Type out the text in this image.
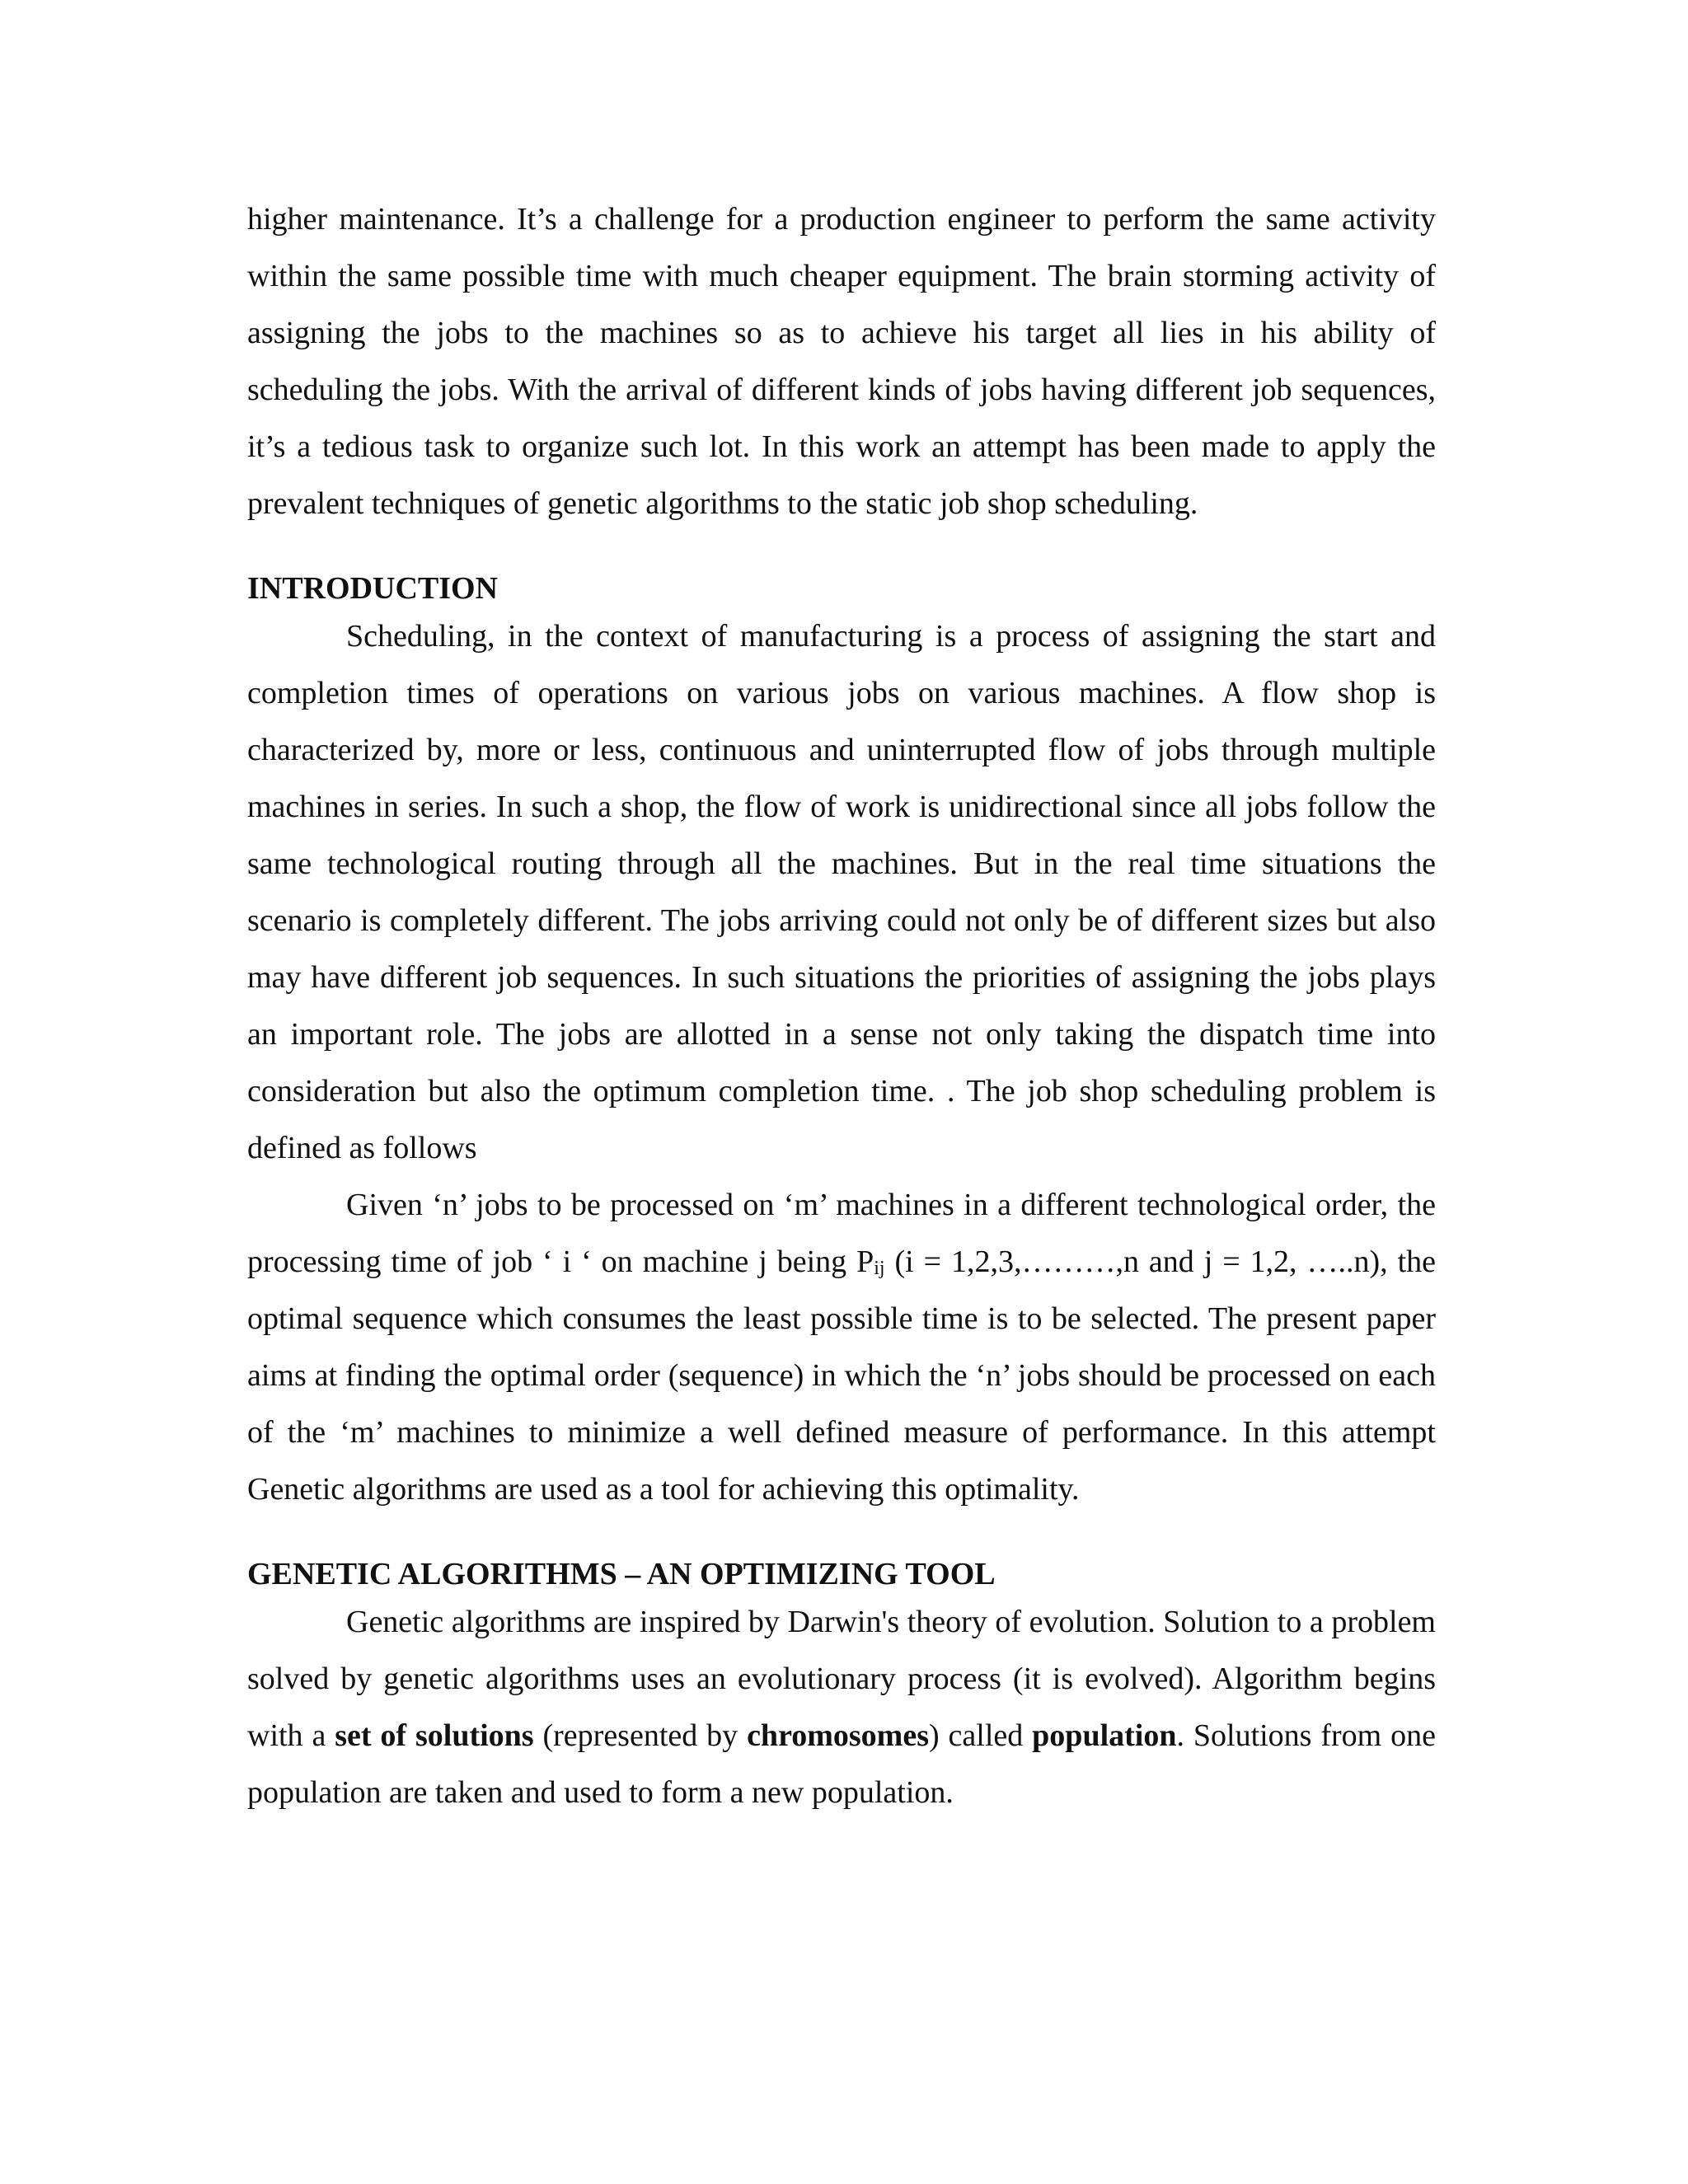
higher maintenance. It’s a challenge for a production engineer to perform the same activity within the same possible time with much cheaper equipment. The brain storming activity of assigning the jobs to the machines so as to achieve his target all lies in his ability of scheduling the jobs. With the arrival of different kinds of jobs having different job sequences, it’s a tedious task to organize such lot. In this work an attempt has been made to apply the prevalent techniques of genetic algorithms to the static job shop scheduling.

INTRODUCTION

Scheduling, in the context of manufacturing is a process of assigning the start and completion times of operations on various jobs on various machines. A flow shop is characterized by, more or less, continuous and uninterrupted flow of jobs through multiple machines in series. In such a shop, the flow of work is unidirectional since all jobs follow the same technological routing through all the machines. But in the real time situations the scenario is completely different. The jobs arriving could not only be of different sizes but also may have different job sequences. In such situations the priorities of assigning the jobs plays an important role. The jobs are allotted in a sense not only taking the dispatch time into consideration but also the optimum completion time. . The job shop scheduling problem is defined as follows

Given ‘n’ jobs to be processed on ‘m’ machines in a different technological order, the processing time of job ‘ i ‘ on machine j being $P_{ij}$ (i = 1,2,3,………,n and j = 1,2, …..n), the optimal sequence which consumes the least possible time is to be selected. The present paper aims at finding the optimal order (sequence) in which the ‘n’ jobs should be processed on each of the ‘m’ machines to minimize a well defined measure of performance. In this attempt Genetic algorithms are used as a tool for achieving this optimality.

GENETIC ALGORITHMS – AN OPTIMIZING TOOL

Genetic algorithms are inspired by Darwin's theory of evolution. Solution to a problem solved by genetic algorithms uses an evolutionary process (it is evolved). Algorithm begins with a set of solutions (represented by chromosomes) called population. Solutions from one population are taken and used to form a new population.
